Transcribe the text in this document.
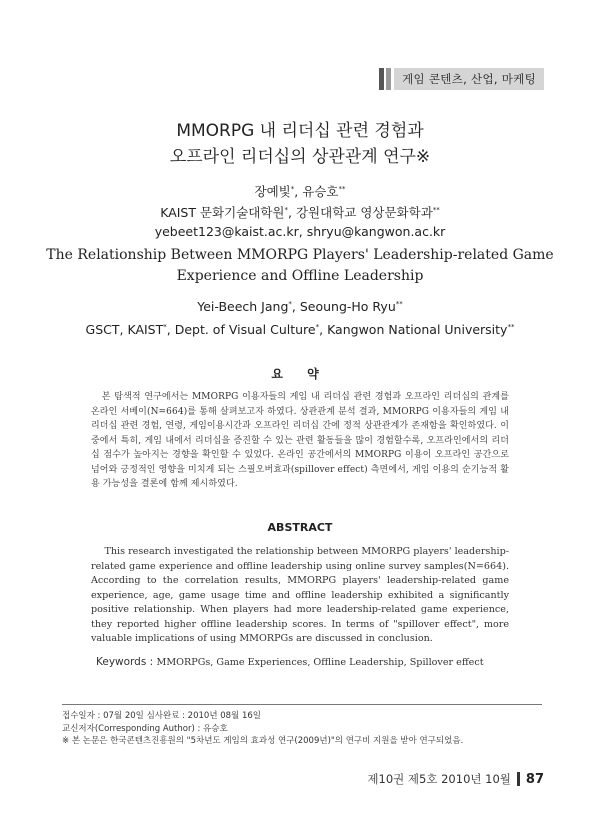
게임 콘텐츠, 산업, 마케팅
MMORPG 내 리더십 관련 경험과
오프라인 리더십의 상관관계 연구※
장예빛*, 유승호**
KAIST 문화기술대학원*, 강원대학교 영상문화학과**
yebeet123@kaist.ac.kr, shryu@kangwon.ac.kr
The Relationship Between MMORPG Players' Leadership-related Game
Experience and Offline Leadership
Yei-Beech Jang*, Seoung-Ho Ryu**
GSCT, KAIST*, Dept. of Visual Culture*, Kangwon National University**
요 약
본 탐색적 연구에서는 MMORPG 이용자들의 게임 내 리더십 관련 경험과 오프라인 리더십의 관계를 온라인 서베이(N=664)를 통해 살펴보고자 하였다. 상관관계 분석 결과, MMORPG 이용자들의 게임 내 리더십 관련 경험, 연령, 게임이용시간과 오프라인 리더십 간에 정적 상관관계가 존재함을 확인하였다. 이중에서 특히, 게임 내에서 리더십을 증진할 수 있는 관련 활동들을 많이 경험할수록, 오프라인에서의 리더십 점수가 높아지는 경향을 확인할 수 있었다. 온라인 공간에서의 MMORPG 이용이 오프라인 공간으로 넘어와 긍정적인 영향을 미치게 되는 스필오버효과(spillover effect) 측면에서, 게임 이용의 순기능적 활용 가능성을 결론에 함께 제시하였다.
ABSTRACT
This research investigated the relationship between MMORPG players' leadership-related game experience and offline leadership using online survey samples(N=664). According to the correlation results, MMORPG players' leadership-related game experience, age, game usage time and offline leadership exhibited a significantly positive relationship. When players had more leadership-related game experience, they reported higher offline leadership scores. In terms of "spillover effect", more valuable implications of using MMORPGs are discussed in conclusion.
Keywords : MMORPGs, Game Experiences, Offline Leadership, Spillover effect
접수일자 : 07월 20일 심사완료 : 2010년 08월 16일
교신저자(Corresponding Author) : 유승호
※ 본 논문은 한국콘텐츠진흥원의 "5차년도 게임의 효과성 연구(2009년)"의 연구비 지원을 받아 연구되었음.
제10권 제5호 2010년 10월 87
